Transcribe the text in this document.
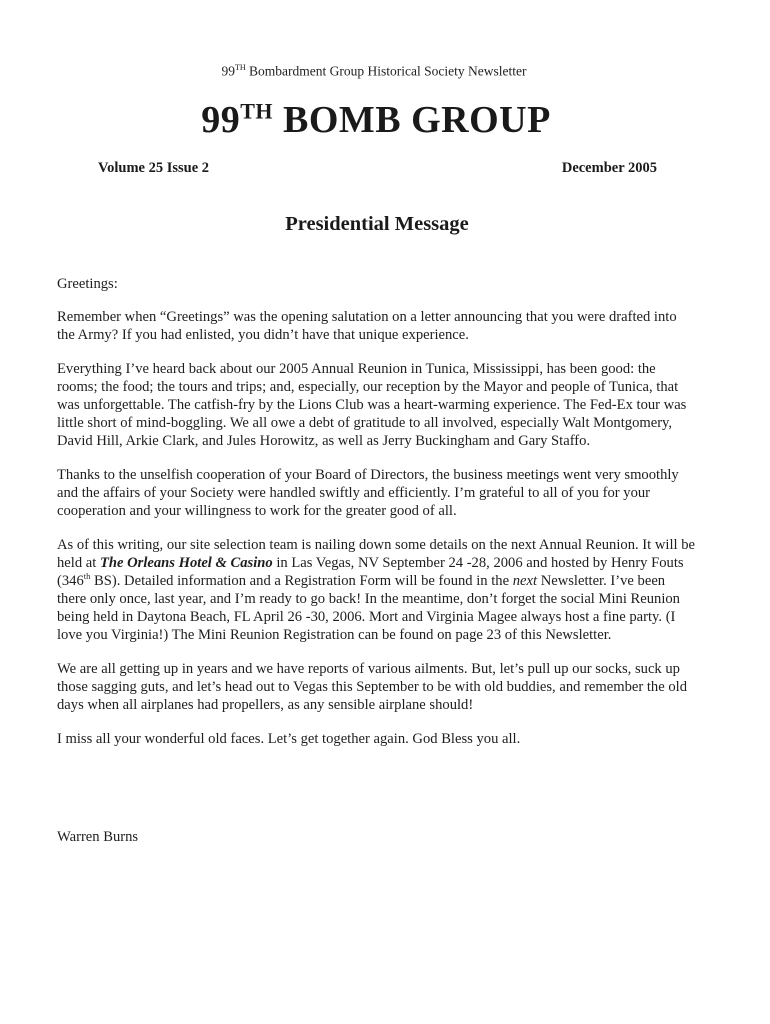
99TH Bombardment Group Historical Society Newsletter
99TH BOMB GROUP
Volume 25 Issue 2	December 2005
Presidential Message

Greetings:

Remember when “Greetings” was the opening salutation on a letter announcing that you were drafted into the Army? If you had enlisted, you didn’t have that unique experience.

Everything I’ve heard back about our 2005 Annual Reunion in Tunica, Mississippi, has been good: the rooms; the food; the tours and trips; and, especially, our reception by the Mayor and people of Tunica, that was unforgettable. The catfish-fry by the Lions Club was a heart-warming experience. The Fed-Ex tour was little short of mind-boggling. We all owe a debt of gratitude to all involved, especially Walt Montgomery, David Hill, Arkie Clark, and Jules Horowitz, as well as Jerry Buckingham and Gary Staffo.

Thanks to the unselfish cooperation of your Board of Directors, the business meetings went very smoothly and the affairs of your Society were handled swiftly and efficiently. I’m grateful to all of you for your cooperation and your willingness to work for the greater good of all.

As of this writing, our site selection team is nailing down some details on the next Annual Reunion. It will be held at The Orleans Hotel & Casino in Las Vegas, NV September 24 -28, 2006 and hosted by Henry Fouts (346th BS). Detailed information and a Registration Form will be found in the next Newsletter. I’ve been there only once, last year, and I’m ready to go back! In the meantime, don’t forget the social Mini Reunion being held in Daytona Beach, FL April 26 -30, 2006. Mort and Virginia Magee always host a fine party. (I love you Virginia!) The Mini Reunion Registration can be found on page 23 of this Newsletter.

We are all getting up in years and we have reports of various ailments. But, let’s pull up our socks, suck up those sagging guts, and let’s head out to Vegas this September to be with old buddies, and remember the old days when all airplanes had propellers, as any sensible airplane should!

I miss all your wonderful old faces. Let’s get together again. God Bless you all.

Warren Burns
